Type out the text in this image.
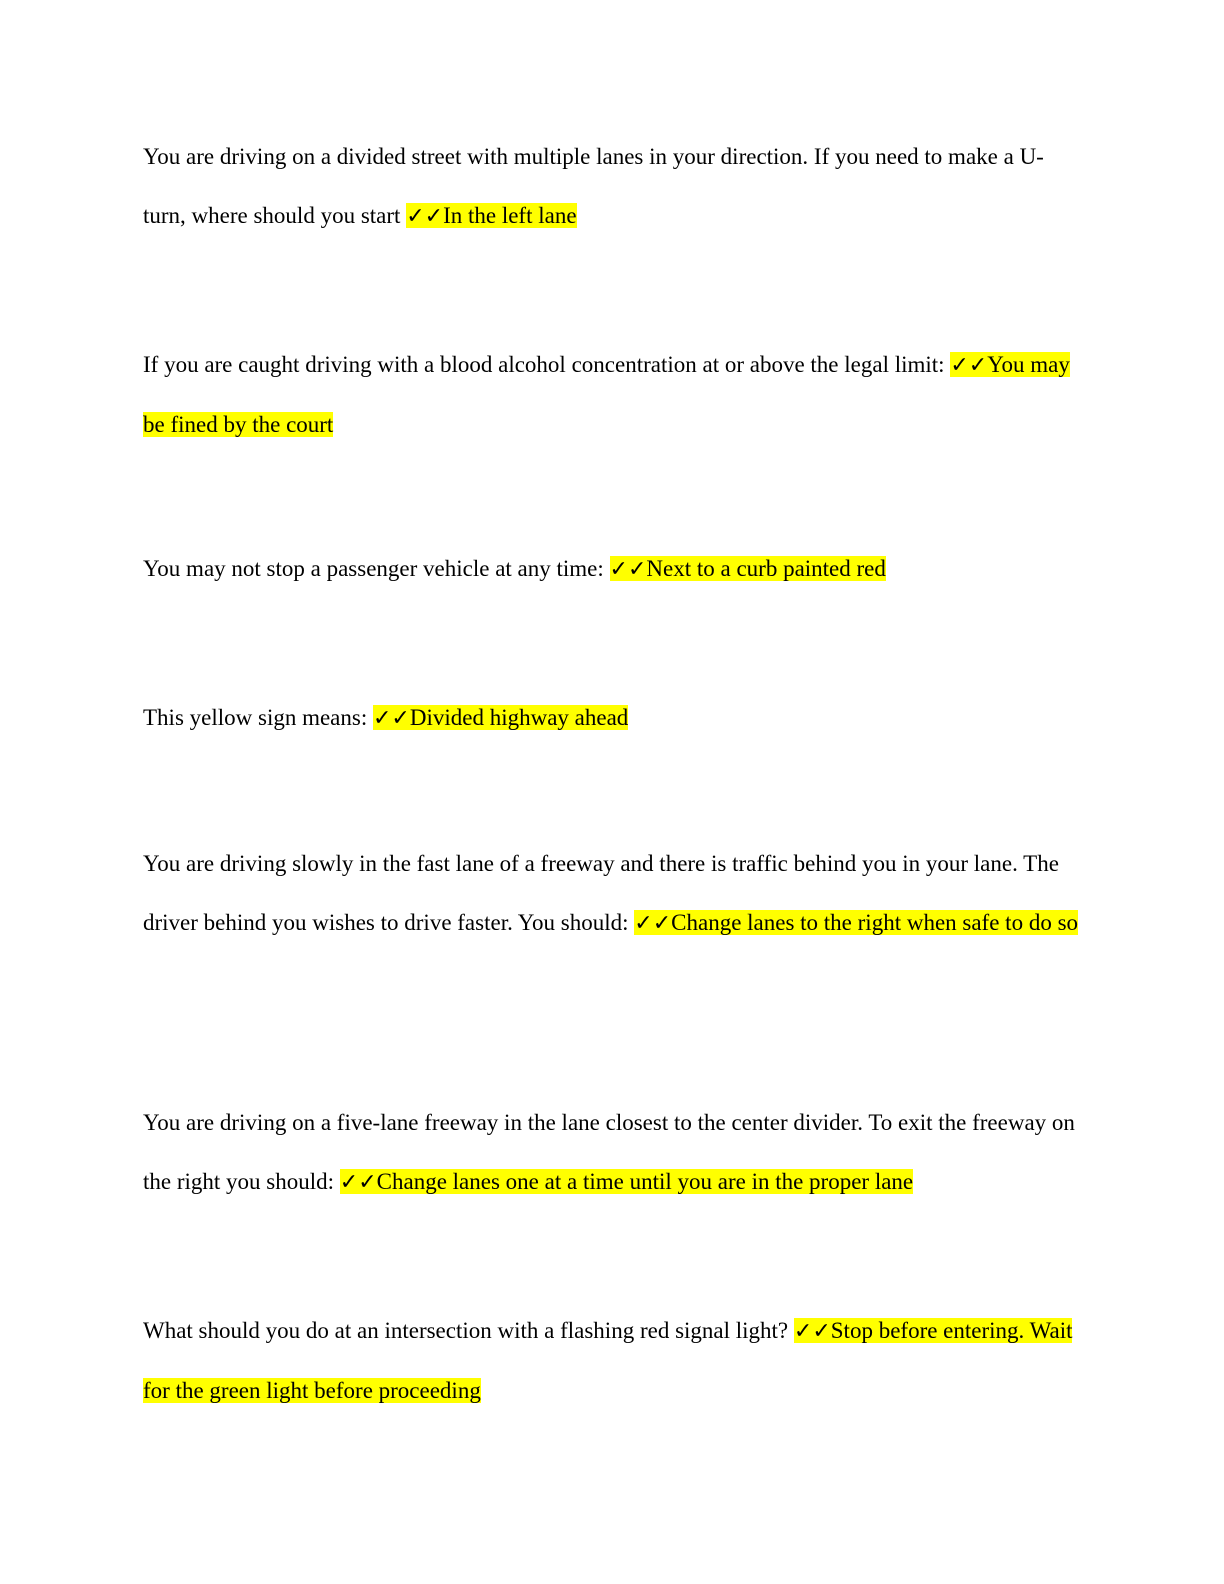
You are driving on a divided street with multiple lanes in your direction. If you need to make a U-turn, where should you start ✓✓In the left lane

If you are caught driving with a blood alcohol concentration at or above the legal limit: ✓✓You may be fined by the court

You may not stop a passenger vehicle at any time: ✓✓Next to a curb painted red

This yellow sign means: ✓✓Divided highway ahead

You are driving slowly in the fast lane of a freeway and there is traffic behind you in your lane. The driver behind you wishes to drive faster. You should: ✓✓Change lanes to the right when safe to do so

You are driving on a five-lane freeway in the lane closest to the center divider. To exit the freeway on the right you should: ✓✓Change lanes one at a time until you are in the proper lane

What should you do at an intersection with a flashing red signal light? ✓✓Stop before entering. Wait for the green light before proceeding
